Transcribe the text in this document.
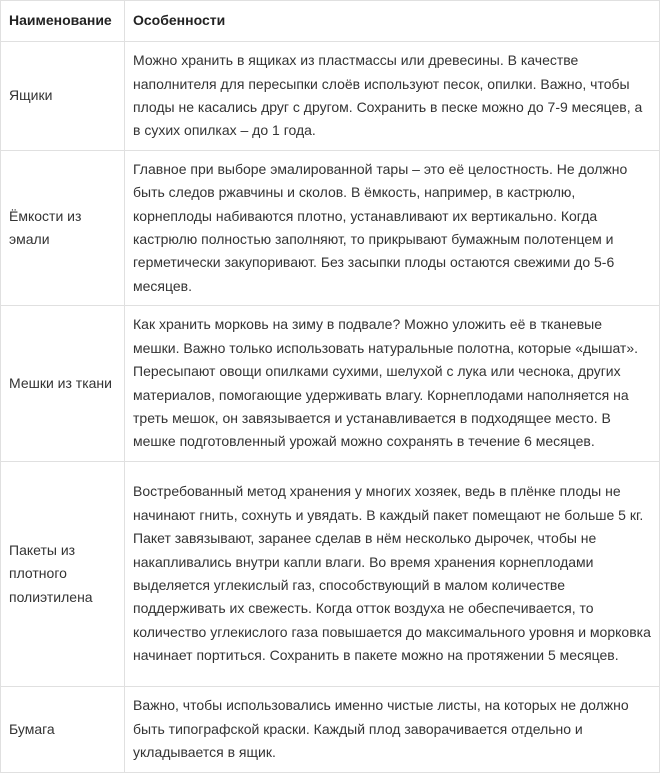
Наименование	Особенности
Ящики	Можно хранить в ящиках из пластмассы или древесины. В качестве наполнителя для пересыпки слоёв используют песок, опилки. Важно, чтобы плоды не касались друг с другом. Сохранить в песке можно до 7-9 месяцев, а в сухих опилках – до 1 года.
Ёмкости из эмали	Главное при выборе эмалированной тары – это её целостность. Не должно быть следов ржавчины и сколов. В ёмкость, например, в кастрюлю, корнеплоды набиваются плотно, устанавливают их вертикально. Когда кастрюлю полностью заполняют, то прикрывают бумажным полотенцем и герметически закупоривают. Без засыпки плоды остаются свежими до 5-6 месяцев.
Мешки из ткани	Как хранить морковь на зиму в подвале? Можно уложить её в тканевые мешки. Важно только использовать натуральные полотна, которые «дышат». Пересыпают овощи опилками сухими, шелухой с лука или чеснока, других материалов, помогающие удерживать влагу. Корнеплодами наполняется на треть мешок, он завязывается и устанавливается в подходящее место. В мешке подготовленный урожай можно сохранять в течение 6 месяцев.
Пакеты из плотного полиэтилена	Востребованный метод хранения у многих хозяек, ведь в плёнке плоды не начинают гнить, сохнуть и увядать. В каждый пакет помещают не больше 5 кг. Пакет завязывают, заранее сделав в нём несколько дырочек, чтобы не накапливались внутри капли влаги. Во время хранения корнеплодами выделяется углекислый газ, способствующий в малом количестве поддерживать их свежесть. Когда отток воздуха не обеспечивается, то количество углекислого газа повышается до максимального уровня и морковка начинает портиться. Сохранить в пакете можно на протяжении 5 месяцев.
Бумага	Важно, чтобы использовались именно чистые листы, на которых не должно быть типографской краски. Каждый плод заворачивается отдельно и укладывается в ящик.
